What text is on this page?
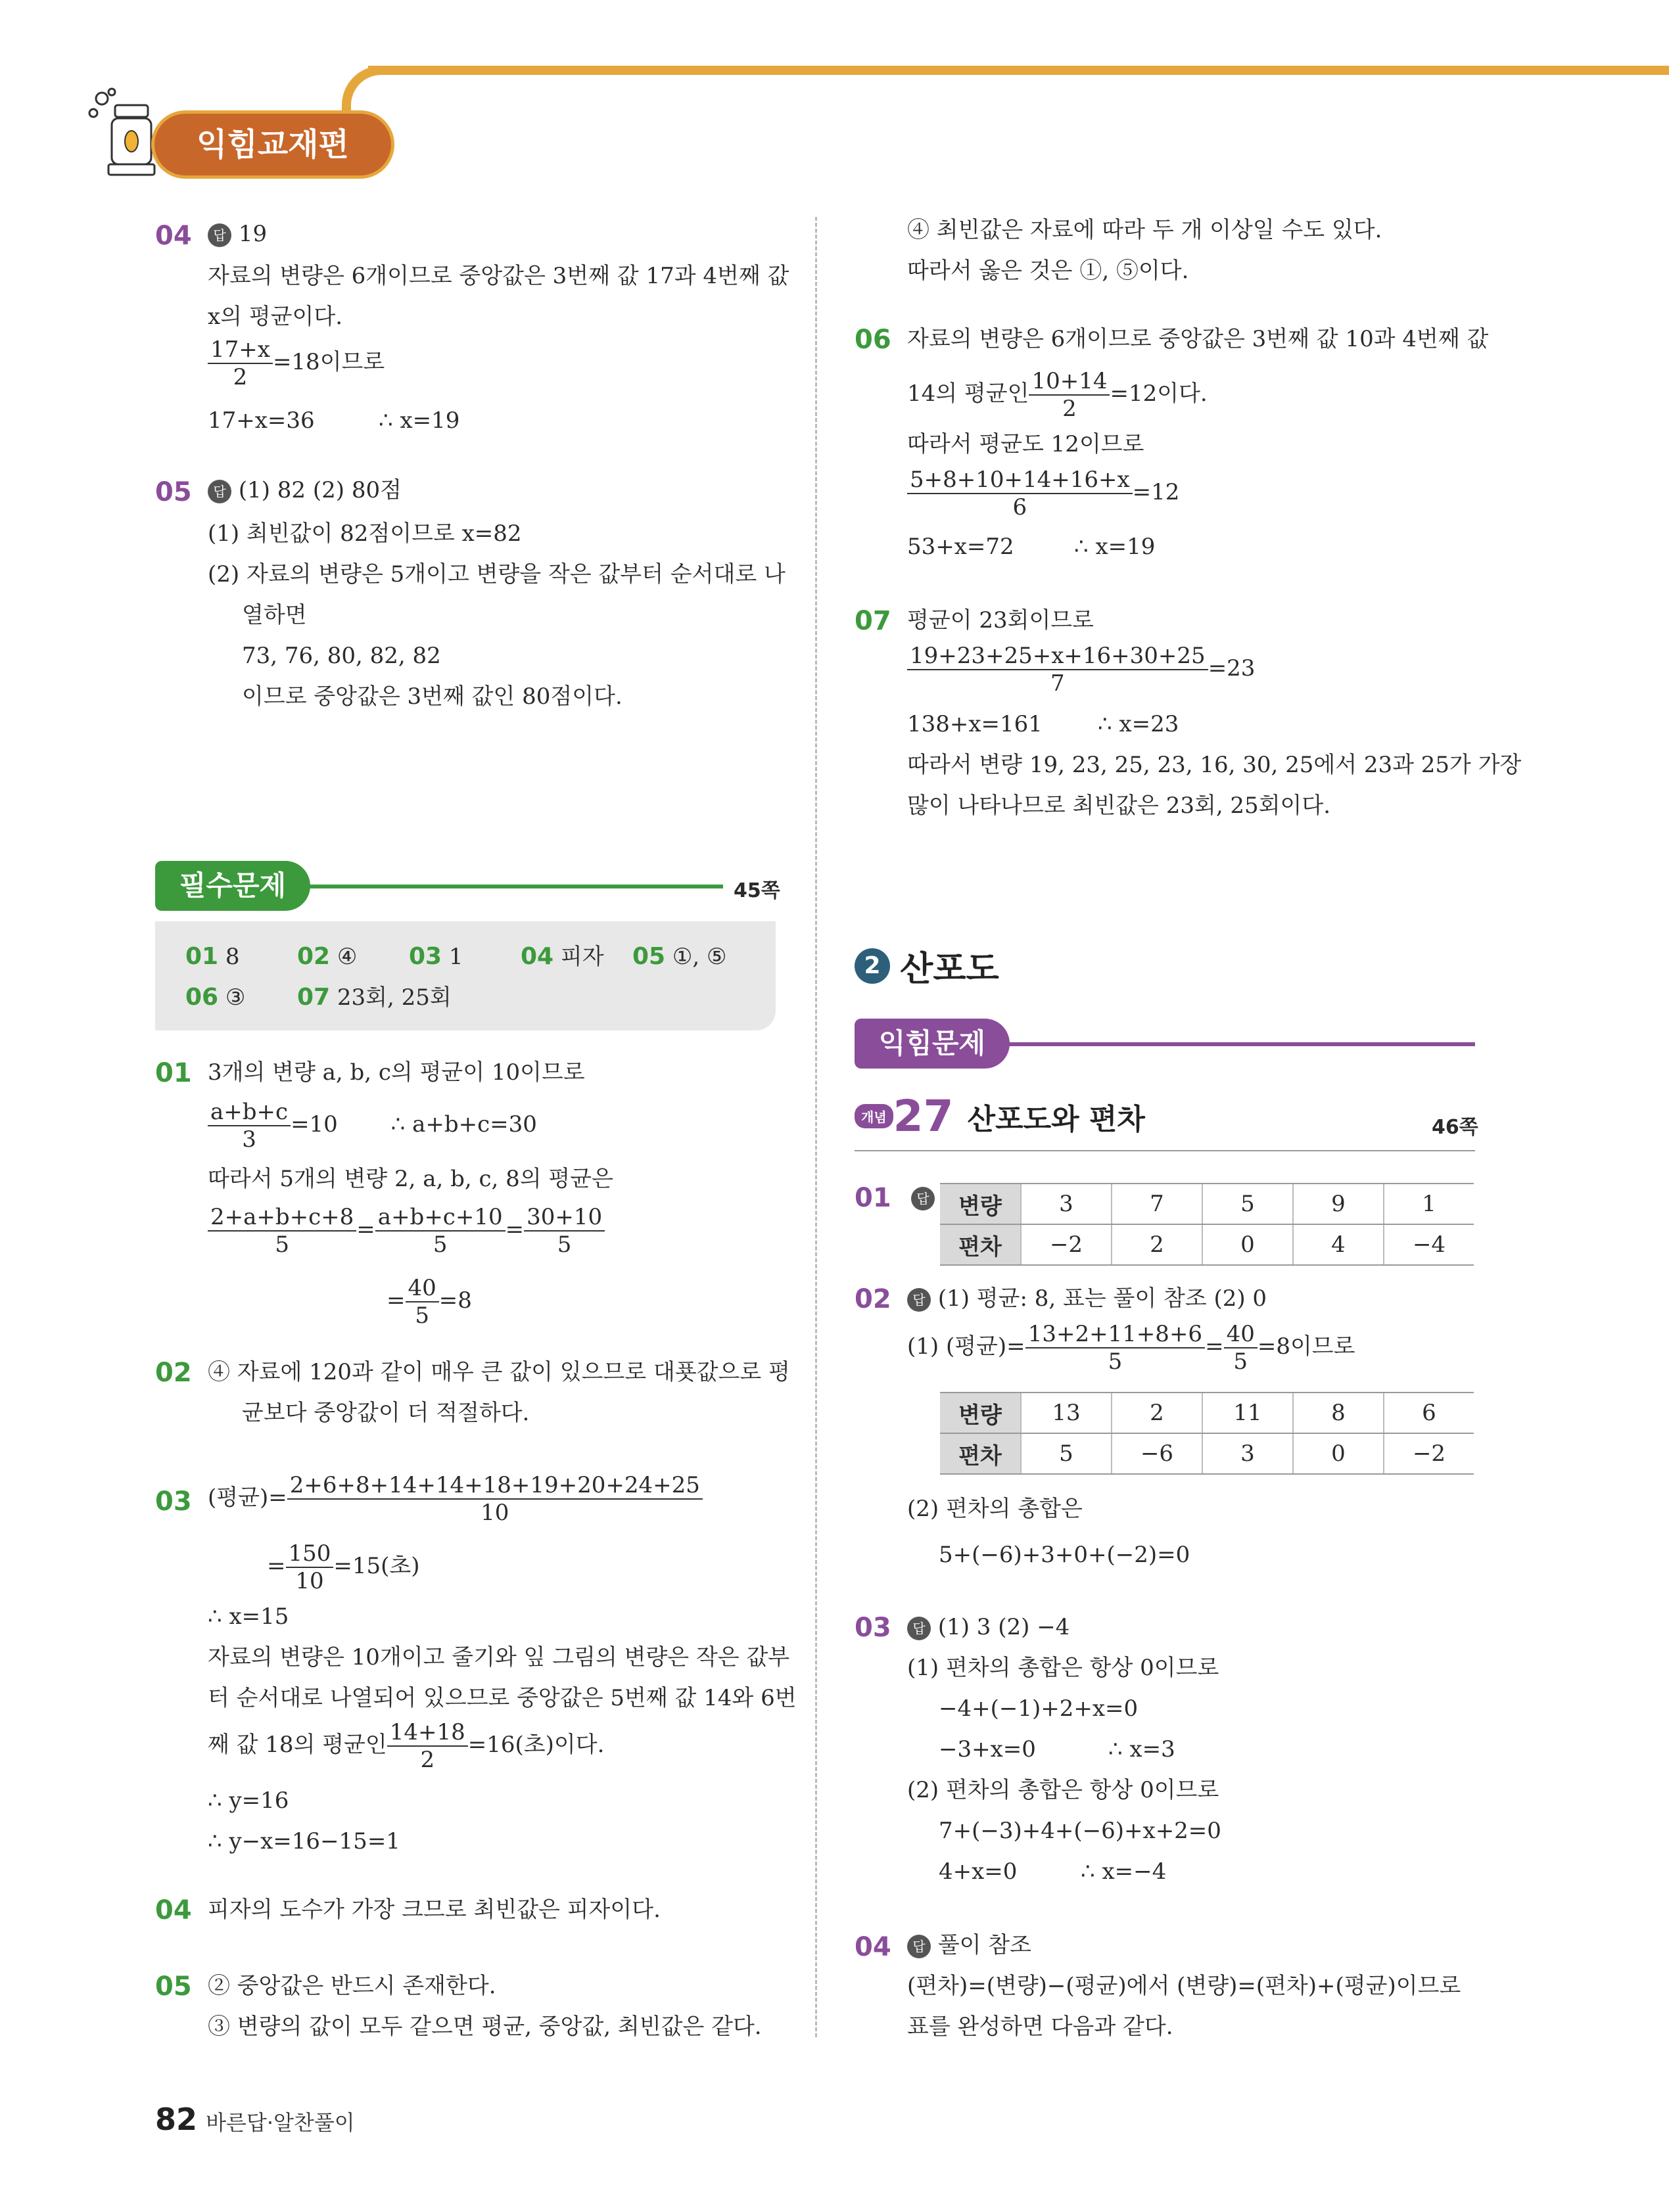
익힘교재편
04	답 19
자료의 변량은 6개이므로 중앙값은 3번째 값 17과 4번째 값
x의 평균이다.
$\frac{17+x}{2} =18$이므로
17+x=36	∴ x=19
05	답 (1) 82 (2) 80점
(1) 최빈값이 82점이므로 x=82
(2) 자료의 변량은 5개이고 변량을 작은 값부터 순서대로 나
열하면
73, 76, 80, 82, 82
이므로 중앙값은 3번째 값인 80점이다.
필수문제	45쪽
01 8 02 ④ 03 1 04 피자 05 ①, ⑤
06 ③ 07 23회, 25회
01 3개의 변량 a, b, c의 평균이 10이므로
$\frac{a+b+c}{3} =10$ ∴ a+b+c=30
따라서 5개의 변량 2, a, b, c, 8의 평균은
$\frac{2+a+b+c+8}{5} = \frac{a+b+c+10}{5} = \frac{30+10}{5}$
= $\frac{40}{5} =8$
02 ④ 자료에 120과 같이 매우 큰 값이 있으므로 대푯값으로 평
균보다 중앙값이 더 적절하다.
03 (평균)= $\frac{2+6+8+14+14+18+19+20+24+25}{10}$
= $\frac{150}{10} =15$(초)
∴ x=15
자료의 변량은 10개이고 줄기와 잎 그림의 변량은 작은 값부
터 순서대로 나열되어 있으므로 중앙값은 5번째 값 14와 6번
째 값 18의 평균인 $\frac{14+18}{2} =16$(초)이다.
∴ y=16
∴ y−x=16−15=1
04 피자의 도수가 가장 크므로 최빈값은 피자이다.
05 ② 중앙값은 반드시 존재한다.
③ 변량의 값이 모두 같으면 평균, 중앙값, 최빈값은 같다.
④ 최빈값은 자료에 따라 두 개 이상일 수도 있다.
따라서 옳은 것은 ①, ⑤이다.
06 자료의 변량은 6개이므로 중앙값은 3번째 값 10과 4번째 값
14의 평균인 $\frac{10+14}{2} =12$이다.
따라서 평균도 12이므로
$\frac{5+8+10+14+16+x}{6} =12$
53+x=72	∴ x=19
07 평균이 23회이므로
$\frac{19+23+25+x+16+30+25}{7} =23$
138+x=161 ∴ x=23
따라서 변량 19, 23, 25, 23, 16, 30, 25에서 23과 25가 가장
많이 나타나므로 최빈값은 23회, 25회이다.
2 산포도
익힘문제
개념 27 산포도와 편차	46쪽
01	답 변량	3	7	5	9	1
편차	−2	2	0	4	−4
02	답 (1) 평균: 8, 표는 풀이 참조 (2) 0
(1) (평균)= $\frac{13+2+11+8+6}{5} = \frac{40}{5} =8$이므로
변량	13	2	11	8	6
편차	5	−6	3	0	−2
(2) 편차의 총합은
5+(−6)+3+0+(−2)=0
03	답 (1) 3 (2) −4
(1) 편차의 총합은 항상 0이므로
−4+(−1)+2+x=0
−3+x=0	∴ x=3
(2) 편차의 총합은 항상 0이므로
7+(−3)+4+(−6)+x+2=0
4+x=0	∴ x=−4
04	답 풀이 참조
(편차)=(변량)−(평균)에서 (변량)=(편차)+(평균)이므로
표를 완성하면 다음과 같다.
82 바른답·알찬풀이
